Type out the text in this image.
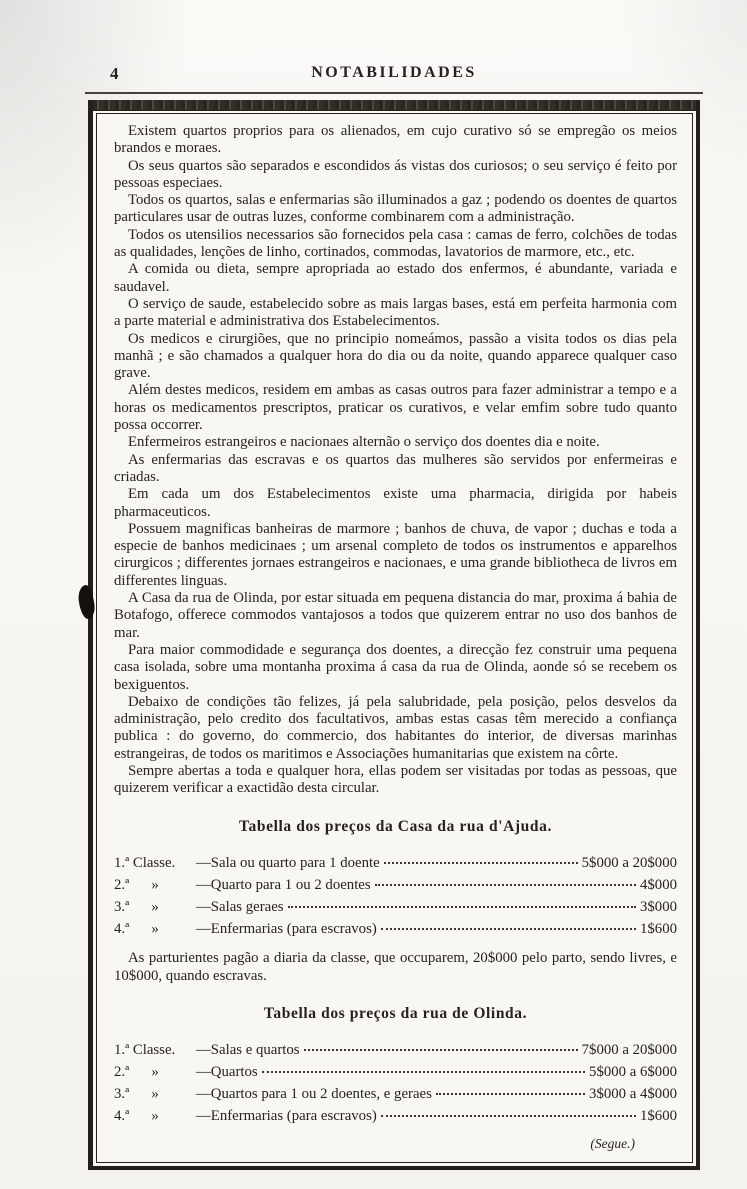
4	NOTABILIDADES

Existem quartos proprios para os alienados, em cujo curativo só se empregão os meios brandos e moraes.

Os seus quartos são separados e escondidos ás vistas dos curiosos; o seu serviço é feito por pessoas especiaes.

Todos os quartos, salas e enfermarias são illuminados a gaz ; podendo os doentes de quartos particulares usar de outras luzes, conforme combinarem com a administração.

Todos os utensilios necessarios são fornecidos pela casa : camas de ferro, colchões de todas as qualidades, lenções de linho, cortinados, commodas, lavatorios de marmore, etc., etc.

A comida ou dieta, sempre apropriada ao estado dos enfermos, é abundante, variada e saudavel.

O serviço de saude, estabelecido sobre as mais largas bases, está em perfeita harmonia com a parte material e administrativa dos Estabelecimentos.

Os medicos e cirurgiões, que no principio nomeámos, passão a visita todos os dias pela manhã ; e são chamados a qualquer hora do dia ou da noite, quando apparece qualquer caso grave.

Além destes medicos, residem em ambas as casas outros para fazer administrar a tempo e a horas os medicamentos prescriptos, praticar os curativos, e velar emfim sobre tudo quanto possa occorrer.

Enfermeiros estrangeiros e nacionaes alternão o serviço dos doentes dia e noite.

As enfermarias das escravas e os quartos das mulheres são servidos por enfermeiras e criadas.

Em cada um dos Estabelecimentos existe uma pharmacia, dirigida por habeis pharmaceuticos.

Possuem magnificas banheiras de marmore ; banhos de chuva, de vapor ; duchas e toda a especie de banhos medicinaes ; um arsenal completo de todos os instrumentos e apparelhos cirurgicos ; differentes jornaes estrangeiros e nacionaes, e uma grande bibliotheca de livros em differentes linguas.

A Casa da rua de Olinda, por estar situada em pequena distancia do mar, proxima á bahia de Botafogo, offerece commodos vantajosos a todos que quizerem entrar no uso dos banhos de mar.

Para maior commodidade e segurança dos doentes, a direcção fez construir uma pequena casa isolada, sobre uma montanha proxima á casa da rua de Olinda, aonde só se recebem os bexiguentos.

Debaixo de condições tão felizes, já pela salubridade, pela posição, pelos desvelos da administração, pelo credito dos facultativos, ambas estas casas têm merecido a confiança publica : do governo, do commercio, dos habitantes do interior, de diversas marinhas estrangeiras, de todos os maritimos e Associações humanitarias que existem na côrte.

Sempre abertas a toda e qualquer hora, ellas podem ser visitadas por todas as pessoas, que quizerem verificar a exactidão desta circular.

Tabella dos preços da Casa da rua d'Ajuda.
1.ª Classe.	—Sala ou quarto para 1 doente	5$000 a 20$000
2.ª      »	—Quarto para 1 ou 2 doentes	4$000
3.ª      »	—Salas geraes	3$000
4.ª      »	—Enfermarias (para escravos)	1$600

As parturientes pagão a diaria da classe, que occuparem, 20$000 pelo parto, sendo livres, e 10$000, quando escravas.

Tabella dos preços da rua de Olinda.
1.ª Classe.	—Salas e quartos	7$000 a 20$000
2.ª      »	—Quartos	5$000 a 6$000
3.ª      »	—Quartos para 1 ou 2 doentes, e geraes	3$000 a 4$000
4.ª      »	—Enfermarias (para escravos)	1$600
(Segue.)
